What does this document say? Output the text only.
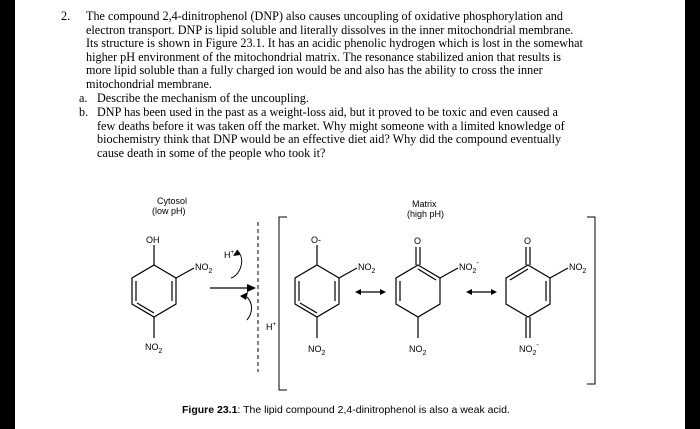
2. The compound 2,4-dinitrophenol (DNP) also causes uncoupling of oxidative phosphorylation and
electron transport. DNP is lipid soluble and literally dissolves in the inner mitochondrial membrane.
Its structure is shown in Figure 23.1. It has an acidic phenolic hydrogen which is lost in the somewhat
higher pH environment of the mitochondrial matrix. The resonance stabilized anion that results is
more lipid soluble than a fully charged ion would be and also has the ability to cross the inner
mitochondrial membrane.
a. Describe the mechanism of the uncoupling.
b. DNP has been used in the past as a weight-loss aid, but it proved to be toxic and even caused a
few deaths before it was taken off the market. Why might someone with a limited knowledge of
biochemistry think that DNP would be an effective diet aid? Why did the compound eventually
cause death in some of the people who took it?
Cytosol
(low pH)
Matrix
(high pH)
OH
$NO_2$
$NO_2$
H+
H+
O-
$NO_2$
$NO_2$
O
$NO_2^-$
$NO_2$
O
$NO_2$
$NO_2^-$
Figure 23.1: The lipid compound 2,4-dinitrophenol is also a weak acid.
